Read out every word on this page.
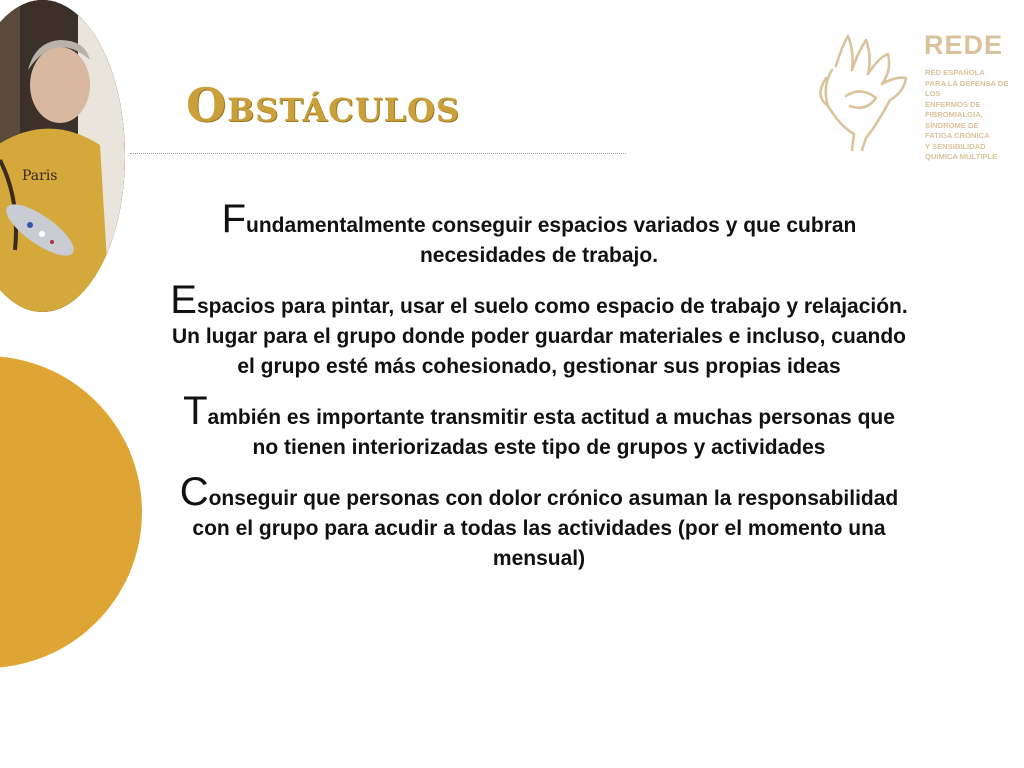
Paris
Obstáculos
REDE
RED ESPAÑOLA
PARA LA DEFENSA DE LOS
ENFERMOS DE
FIBROMIALGIA,
SÍNDROME DE
FATIGA CRÓNICA
Y SENSIBILIDAD
QUÍMICA MÚLTIPLE

Fundamentalmente conseguir espacios variados y que cubran necesidades de trabajo.

Espacios para pintar, usar el suelo como espacio de trabajo y relajación. Un lugar para el grupo donde poder guardar materiales e incluso, cuando el grupo esté más cohesionado, gestionar sus propias ideas

También es importante transmitir esta actitud a muchas personas que no tienen interiorizadas este tipo de grupos y actividades

Conseguir que personas con dolor crónico asuman la responsabilidad con el grupo para acudir a todas las actividades (por el momento una mensual)
